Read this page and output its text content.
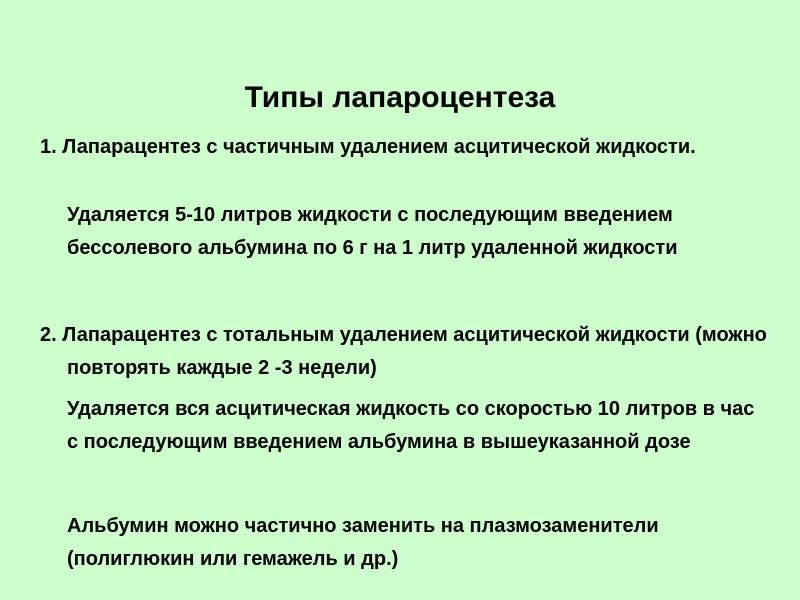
Типы лапароцентеза

1. Лапарацентез с частичным удалением асцитической жидкости.

Удаляется 5-10 литров жидкости с последующим введением бессолевого альбумина по 6 г на 1 литр удаленной жидкости

2. Лапарацентез с тотальным удалением асцитической жидкости (можно повторять каждые 2 -3 недели)

Удаляется вся асцитическая жидкость со скоростью 10 литров в час с последующим введением альбумина в вышеуказанной дозе

Альбумин можно частично заменить на плазмозаменители (полиглюкин или гемажель и др.)
